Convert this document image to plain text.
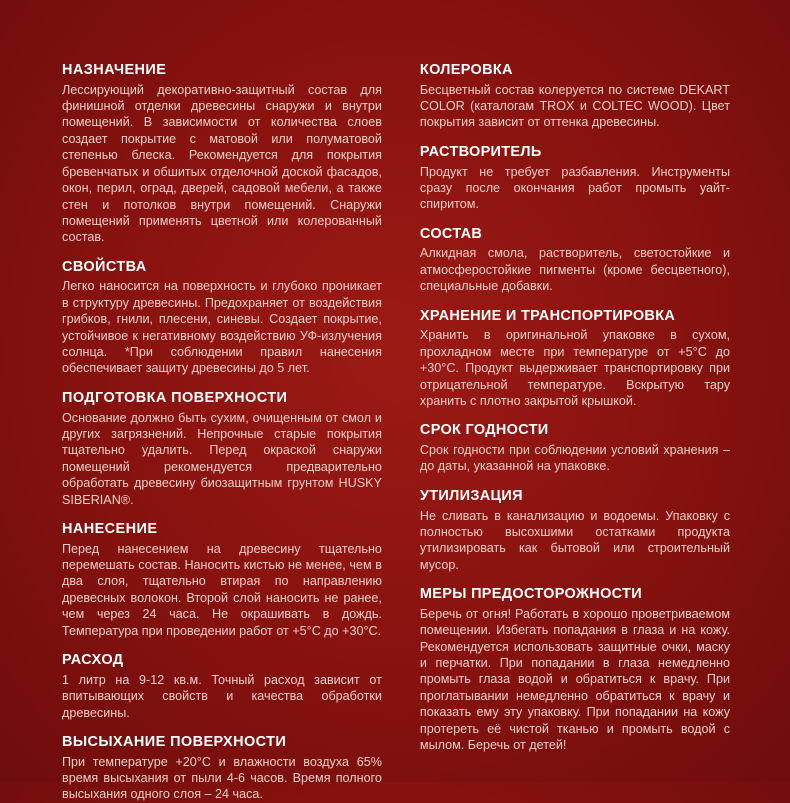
НАЗНАЧЕНИЕ

Лессирующий декоративно-защитный состав для финишной отделки древесины снаружи и внутри помещений. В зависимости от количества слоев создает покрытие с матовой или полуматовой степенью блеска. Рекомендуется для покрытия бревенчатых и обшитых отделочной доской фасадов, окон, перил, оград, дверей, садовой мебели, а также стен и потолков внутри помещений. Снаружи помещений применять цветной или колерованный состав.

СВОЙСТВА

Легко наносится на поверхность и глубоко проникает в структуру древесины. Предохраняет от воздействия грибков, гнили, плесени, синевы. Создает покрытие, устойчивое к негативному воздействию УФ-излучения солнца. *При соблюдении правил нанесения обеспечивает защиту древесины до 5 лет.

ПОДГОТОВКА ПОВЕРХНОСТИ

Основание должно быть сухим, очищенным от смол и других загрязнений. Непрочные старые покрытия тщательно удалить. Перед окраской снаружи помещений рекомендуется предварительно обработать древесину биозащитным грунтом HUSKY SIBERIAN®.

НАНЕСЕНИЕ

Перед нанесением на древесину тщательно перемешать состав. Наносить кистью не менее, чем в два слоя, тщательно втирая по направлению древесных волокон. Второй слой наносить не ранее, чем через 24 часа. Не окрашивать в дождь. Температура при проведении работ от +5°C до +30°C.

РАСХОД

1 литр на 9-12 кв.м. Точный расход зависит от впитывающих свойств и качества обработки древесины.

ВЫСЫХАНИЕ ПОВЕРХНОСТИ

При температуре +20°C и влажности воздуха 65% время высыхания от пыли 4-6 часов. Время полного высыхания одного слоя – 24 часа.

КОЛЕРОВКА

Бесцветный состав колеруется по системе DEKART COLOR (каталогам TROX и COLTEC WOOD). Цвет покрытия зависит от оттенка древесины.

РАСТВОРИТЕЛЬ

Продукт не требует разбавления. Инструменты сразу после окончания работ промыть уайт-спиритом.

СОСТАВ

Алкидная смола, растворитель, светостойкие и атмосферостойкие пигменты (кроме бесцветного), специальные добавки.

ХРАНЕНИЕ И ТРАНСПОРТИРОВКА

Хранить в оригинальной упаковке в сухом, прохладном месте при температуре от +5°C до +30°C. Продукт выдерживает транспортировку при отрицательной температуре. Вскрытую тару хранить с плотно закрытой крышкой.

СРОК ГОДНОСТИ

Срок годности при соблюдении условий хранения – до даты, указанной на упаковке.

УТИЛИЗАЦИЯ

Не сливать в канализацию и водоемы. Упаковку с полностью высохшими остатками продукта утилизировать как бытовой или строительный мусор.

МЕРЫ ПРЕДОСТОРОЖНОСТИ

Беречь от огня! Работать в хорошо проветриваемом помещении. Избегать попадания в глаза и на кожу. Рекомендуется использовать защитные очки, маску и перчатки. При попадании в глаза немедленно промыть глаза водой и обратиться к врачу. При проглатывании немедленно обратиться к врачу и показать ему эту упаковку. При попадании на кожу протереть её чистой тканью и промыть водой с мылом. Беречь от детей!
